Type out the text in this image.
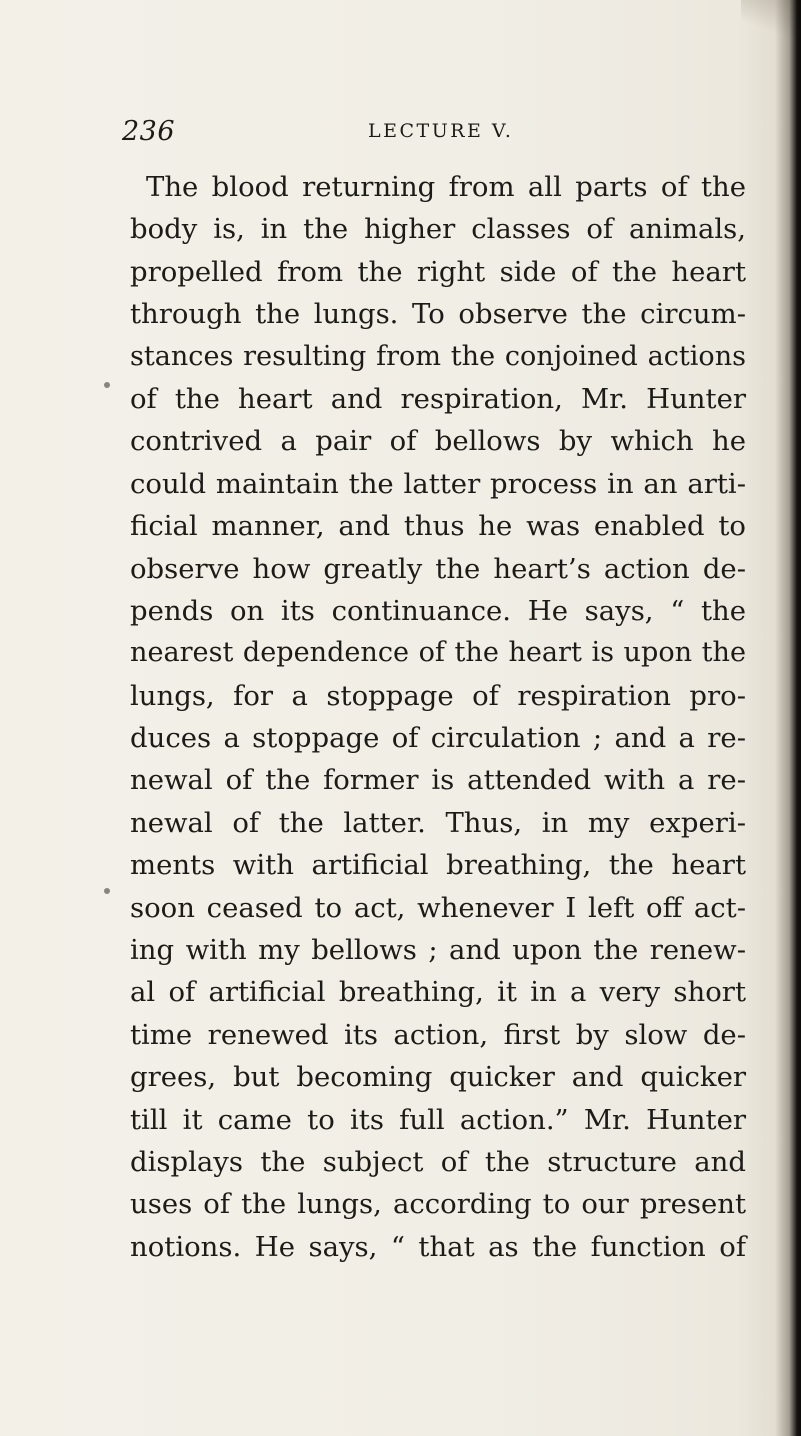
236	LECTURE V.
The blood returning from all parts of the
body is, in the higher classes of animals,
propelled from the right side of the heart
through the lungs. To observe the circum-
stances resulting from the conjoined actions
of the heart and respiration, Mr. Hunter
contrived a pair of bellows by which he
could maintain the latter process in an arti-
ficial manner, and thus he was enabled to
observe how greatly the heart’s action de-
pends on its continuance. He says, “ the
nearest dependence of the heart is upon the
lungs, for a stoppage of respiration pro-
duces a stoppage of circulation ; and a re-
newal of the former is attended with a re-
newal of the latter. Thus, in my experi-
ments with artificial breathing, the heart
soon ceased to act, whenever I left off act-
ing with my bellows ; and upon the renew-
al of artificial breathing, it in a very short
time renewed its action, first by slow de-
grees, but becoming quicker and quicker
till it came to its full action.” Mr. Hunter
displays the subject of the structure and
uses of the lungs, according to our present
notions. He says, “ that as the function of
